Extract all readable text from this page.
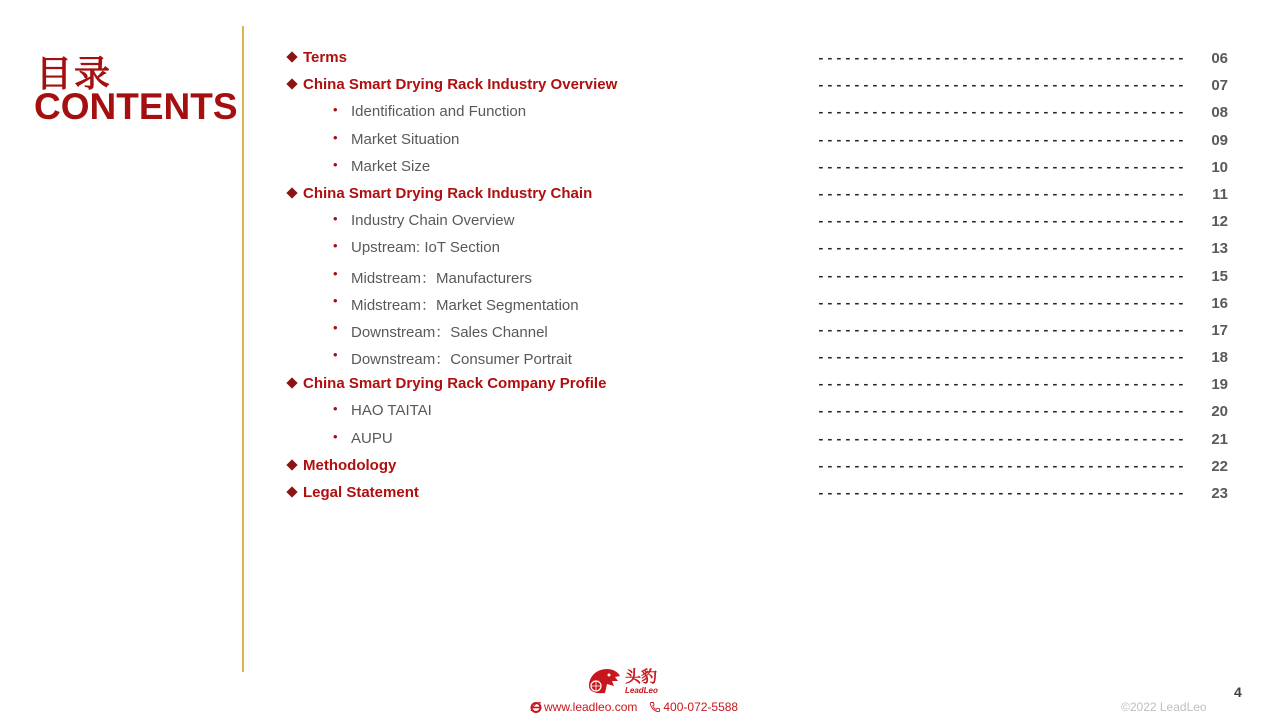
目录
CONTENTS
Terms	----------------------------------------- 06
China Smart Drying Rack Industry Overview	----------------------------------------- 07
• Identification and Function	----------------------------------------- 08
• Market Situation	----------------------------------------- 09
• Market Size	----------------------------------------- 10
China Smart Drying Rack Industry Chain	----------------------------------------- 11
• Industry Chain Overview	----------------------------------------- 12
• Upstream: IoT Section	----------------------------------------- 13
• Midstream：Manufacturers	----------------------------------------- 15
• Midstream：Market Segmentation	----------------------------------------- 16
• Downstream：Sales Channel	----------------------------------------- 17
• Downstream：Consumer Portrait	----------------------------------------- 18
China Smart Drying Rack Company Profile	----------------------------------------- 19
• HAO TAITAI	----------------------------------------- 20
• AUPU	----------------------------------------- 21
Methodology	----------------------------------------- 22
Legal Statement	----------------------------------------- 23
头豹
LeadLeo
www.leadleo.com 400-072-5588	©2022 LeadLeo
4
